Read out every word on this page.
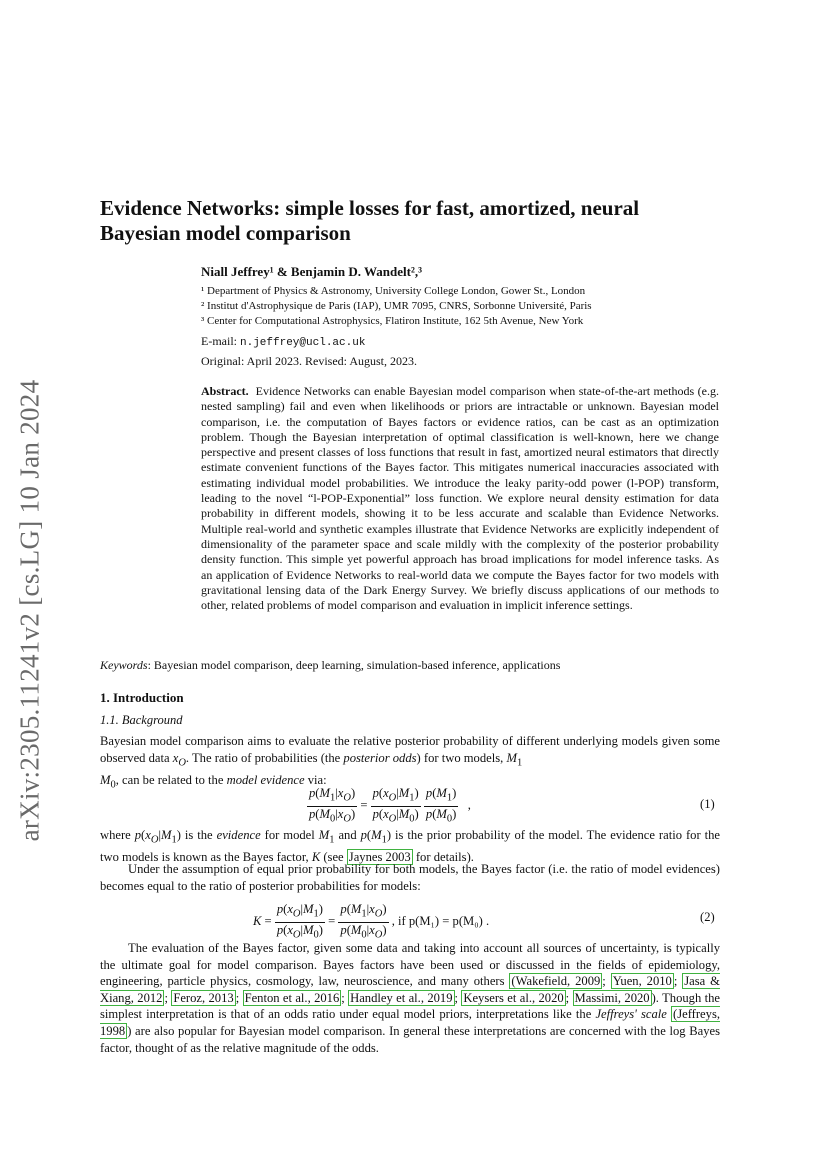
arXiv:2305.11241v2 [cs.LG] 10 Jan 2024
Evidence Networks: simple losses for fast, amortized, neural
Bayesian model comparison
Niall Jeffrey¹ & Benjamin D. Wandelt²,³
¹ Department of Physics & Astronomy, University College London, Gower St., London
² Institut d'Astrophysique de Paris (IAP), UMR 7095, CNRS, Sorbonne Université, Paris
³ Center for Computational Astrophysics, Flatiron Institute, 162 5th Avenue, New York
E-mail: n.jeffrey@ucl.ac.uk
Original: April 2023. Revised: August, 2023.
Abstract. Evidence Networks can enable Bayesian model comparison when state-of-the-art methods (e.g. nested sampling) fail and even when likelihoods or priors are intractable or unknown. Bayesian model comparison, i.e. the computation of Bayes factors or evidence ratios, can be cast as an optimization problem. Though the Bayesian interpretation of optimal classification is well-known, here we change perspective and present classes of loss functions that result in fast, amortized neural estimators that directly estimate convenient functions of the Bayes factor. This mitigates numerical inaccuracies associated with estimating individual model probabilities. We introduce the leaky parity-odd power (l-POP) transform, leading to the novel “l-POP-Exponential” loss function. We explore neural density estimation for data probability in different models, showing it to be less accurate and scalable than Evidence Networks. Multiple real-world and synthetic examples illustrate that Evidence Networks are explicitly independent of dimensionality of the parameter space and scale mildly with the complexity of the posterior probability density function. This simple yet powerful approach has broad implications for model inference tasks. As an application of Evidence Networks to real-world data we compute the Bayes factor for two models with gravitational lensing data of the Dark Energy Survey. We briefly discuss applications of our methods to other, related problems of model comparison and evaluation in implicit inference settings.
Keywords: Bayesian model comparison, deep learning, simulation-based inference, applications
1. Introduction
1.1. Background
Bayesian model comparison aims to evaluate the relative posterior probability of different underlying models given some observed data $x_O$. The ratio of probabilities (the posterior odds) for two models, $M_1$
$M_0$, can be related to the model evidence via:
$\frac{p(M_1|x_O)}{p(M_0|x_O)} = \frac{p(x_O|M_1)}{p(x_O|M_0)}$
$\frac{p(M_1)}{p(M_0)}$ ,	(1)
where $p(x_O|M_1)$ is the evidence for model $M_1$ and $p(M_1)$ is the prior probability of the model. The evidence ratio for the two models is known as the Bayes factor, K (see Jaynes 2003 for details).
Under the assumption of equal prior probability for both models, the Bayes factor (i.e. the ratio of model evidences) becomes equal to the ratio of posterior probabilities for models:
$K = \frac{p(x_O|M_1)}{p(x_O|M_0)} = \frac{p(M_1|x_O)}{p(M_0|x_O)}$ , if p(M₁) = p(M₀) .	(2)
The evaluation of the Bayes factor, given some data and taking into account all sources of uncertainty, is typically the ultimate goal for model comparison. Bayes factors have been used or discussed in the fields of epidemiology, engineering, particle physics, cosmology, law, neuroscience, and many others (Wakefield, 2009 ; Yuen, 2010 ; Jasa & Xiang, 2012 ; Feroz, 2013 ; Fenton et al., 2016 ; Handley et al., 2019 ; Keysers et al., 2020 ; Massimi, 2020 ). Though the simplest interpretation is that of an odds ratio under equal model priors, interpretations like the Jeffreys' scale (Jeffreys, 1998 ) are also popular for Bayesian model comparison. In general these interpretations are concerned with the log Bayes factor, thought of as the relative magnitude of the odds.
